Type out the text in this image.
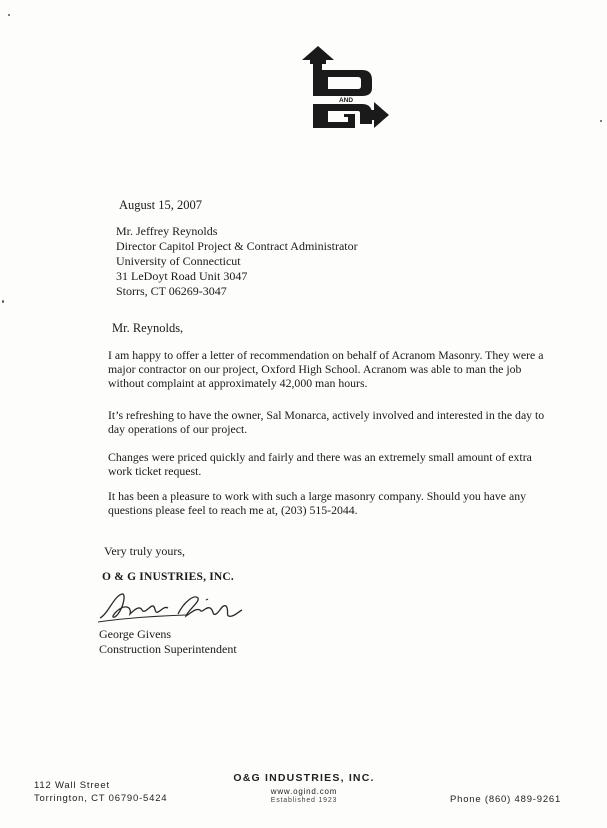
AND
August 15, 2007
Mr. Jeffrey Reynolds
Director Capitol Project & Contract Administrator
University of Connecticut
31 LeDoyt Road Unit 3047
Storrs, CT 06269-3047
Mr. Reynolds,
I am happy to offer a letter of recommendation on behalf of Acranom Masonry. They were a major contractor on our project, Oxford High School. Acranom was able to man the job without complaint at approximately 42,000 man hours.
It’s refreshing to have the owner, Sal Monarca, actively involved and interested in the day to day operations of our project.
Changes were priced quickly and fairly and there was an extremely small amount of extra work ticket request.
It has been a pleasure to work with such a large masonry company. Should you have any questions please feel to reach me at, (203) 515-2044.
Very truly yours,
O & G INUSTRIES, INC.
George Givens
Construction Superintendent
112 Wall Street
Torrington, CT 06790-5424
O&G INDUSTRIES, INC.
www.ogind.com
Established 1923	Phone (860) 489-9261
